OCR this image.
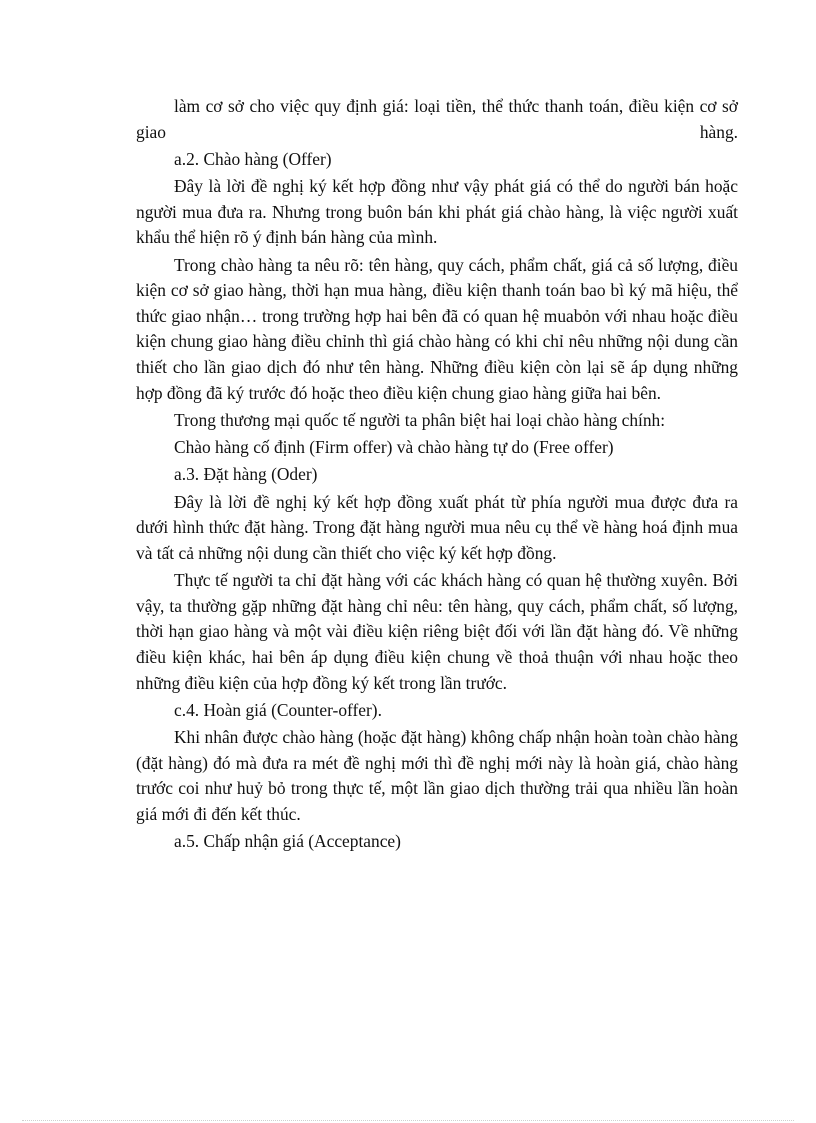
làm cơ sở cho việc quy định giá: loại tiền, thể thức thanh toán, điều kiện cơ sở giao hàng.

a.2. Chào hàng (Offer)

Đây là lời đề nghị ký kết hợp đồng như vậy phát giá có thể do người bán hoặc người mua đưa ra. Nhưng trong buôn bán khi phát giá chào hàng, là việc người xuất khẩu thể hiện rõ ý định bán hàng của mình.

Trong chào hàng ta nêu rõ: tên hàng, quy cách, phẩm chất, giá cả số lượng, điều kiện cơ sở giao hàng, thời hạn mua hàng, điều kiện thanh toán bao bì ký mã hiệu, thể thức giao nhận… trong trường hợp hai bên đã có quan hệ muabỏn với nhau hoặc điều kiện chung giao hàng điều chỉnh thì giá chào hàng có khi chỉ nêu những nội dung cần thiết cho lần giao dịch đó như tên hàng. Những điều kiện còn lại sẽ áp dụng những hợp đồng đã ký trước đó hoặc theo điều kiện chung giao hàng giữa hai bên.

Trong thương mại quốc tế người ta phân biệt hai loại chào hàng chính:

Chào hàng cố định (Firm offer) và chào hàng tự do (Free offer)

a.3. Đặt hàng (Oder)

Đây là lời đề nghị ký kết hợp đồng xuất phát từ phía người mua được đưa ra dưới hình thức đặt hàng. Trong đặt hàng người mua nêu cụ thể về hàng hoá định mua và tất cả những nội dung cần thiết cho việc ký kết hợp đồng.

Thực tế người ta chỉ đặt hàng với các khách hàng có quan hệ thường xuyên. Bởi vậy, ta thường gặp những đặt hàng chỉ nêu: tên hàng, quy cách, phẩm chất, số lượng, thời hạn giao hàng và một vài điều kiện riêng biệt đối với lần đặt hàng đó. Về những điều kiện khác, hai bên áp dụng điều kiện chung về thoả thuận với nhau hoặc theo những điều kiện của hợp đồng ký kết trong lần trước.

c.4. Hoàn giá (Counter-offer).

Khi nhân được chào hàng (hoặc đặt hàng) không chấp nhận hoàn toàn chào hàng (đặt hàng) đó mà đưa ra mét đề nghị mới thì đề nghị mới này là hoàn giá, chào hàng trước coi như huỷ bỏ trong thực tế, một lần giao dịch thường trải qua nhiều lần hoàn giá mới đi đến kết thúc.

a.5. Chấp nhận giá (Acceptance)
